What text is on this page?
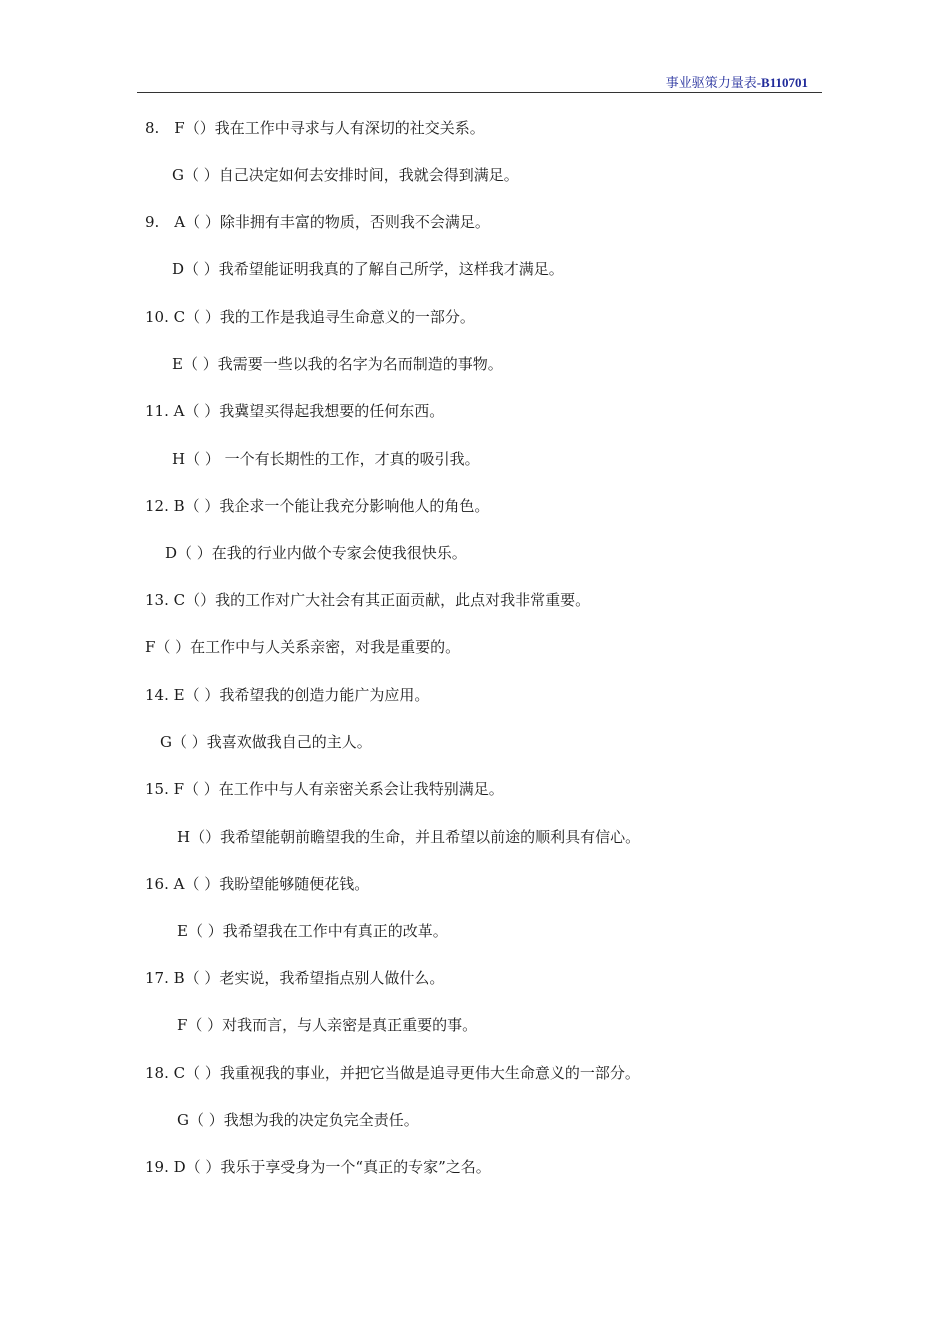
事业驱策力量表-B110701
8.　F（）我在工作中寻求与人有深切的社交关系。
G（ ）自己决定如何去安排时间，我就会得到满足。
9.　A（ ）除非拥有丰富的物质，否则我不会满足。
D（ ）我希望能证明我真的了解自己所学，这样我才满足。
10. C（ ）我的工作是我追寻生命意义的一部分。
E（ ）我需要一些以我的名字为名而制造的事物。
11. A（ ）我冀望买得起我想要的任何东西。
H（ ） 一个有长期性的工作，才真的吸引我。
12. B（ ）我企求一个能让我充分影响他人的角色。
D（ ）在我的行业内做个专家会使我很快乐。
13. C（）我的工作对广大社会有其正面贡献，此点对我非常重要。
F（ ）在工作中与人关系亲密，对我是重要的。
14. E（ ）我希望我的创造力能广为应用。
G（ ）我喜欢做我自己的主人。
15. F（ ）在工作中与人有亲密关系会让我特别满足。
H（）我希望能朝前瞻望我的生命，并且希望以前途的顺利具有信心。
16. A（ ）我盼望能够随便花钱。
E（ ）我希望我在工作中有真正的改革。
17. B（ ）老实说，我希望指点别人做什么。
F（ ）对我而言，与人亲密是真正重要的事。
18. C（ ）我重视我的事业，并把它当做是追寻更伟大生命意义的一部分。
G（ ）我想为我的决定负完全责任。
19. D（ ）我乐于享受身为一个“真正的专家”之名。
